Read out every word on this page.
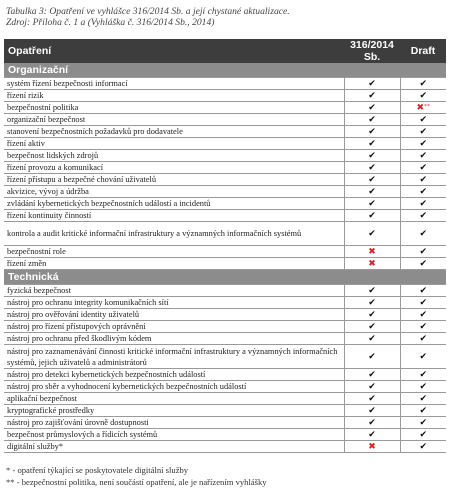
Tabulka 3: Opatření ve vyhlášce 316/2014 Sb. a její chystané aktualizace.
Zdroj: Příloha č. 1 a (Vyhláška č. 316/2014 Sb., 2014)
Opatření	316/2014 Sb.	Draft
Organizační		
systém řízení bezpečnosti informací	✔	✔
řízení rizik	✔	✔
bezpečnostní politika	✔	✖**
organizační bezpečnost	✔	✔
stanovení bezpečnostních požadavků pro dodavatele	✔	✔
řízení aktiv	✔	✔
bezpečnost lidských zdrojů	✔	✔
řízení provozu a komunikací	✔	✔
řízení přístupu a bezpečné chování uživatelů	✔	✔
akvizice, vývoj a údržba	✔	✔
zvládání kybernetických bezpečnostních událostí a incidentů	✔	✔
řízení kontinuity činností	✔	✔
kontrola a audit kritické informační infrastruktury a významných informačních systémů	✔	✔
bezpečnostní role	✖	✔
řízení změn	✖	✔
Technická		
fyzická bezpečnost	✔	✔
nástroj pro ochranu integrity komunikačních sítí	✔	✔
nástroj pro ověřování identity uživatelů	✔	✔
nástroj pro řízení přístupových oprávnění	✔	✔
nástroj pro ochranu před škodlivým kódem	✔	✔
nástroj pro zaznamenávání činnosti kritické informační infrastruktury a významných informačních systémů, jejich uživatelů a administrátorů	✔	✔
nástroj pro detekci kybernetických bezpečnostních událostí	✔	✔
nástroj pro sběr a vyhodnocení kybernetických bezpečnostních událostí	✔	✔
aplikační bezpečnost	✔	✔
kryptografické prostředky	✔	✔
nástroj pro zajišťování úrovně dostupnosti	✔	✔
bezpečnost průmyslových a řídicích systémů	✔	✔
digitální služby*	✖	✔
* - opatření týkající se poskytovatele digitální služby
** - bezpečnostní politika, není součástí opatření, ale je nařízením vyhlášky
